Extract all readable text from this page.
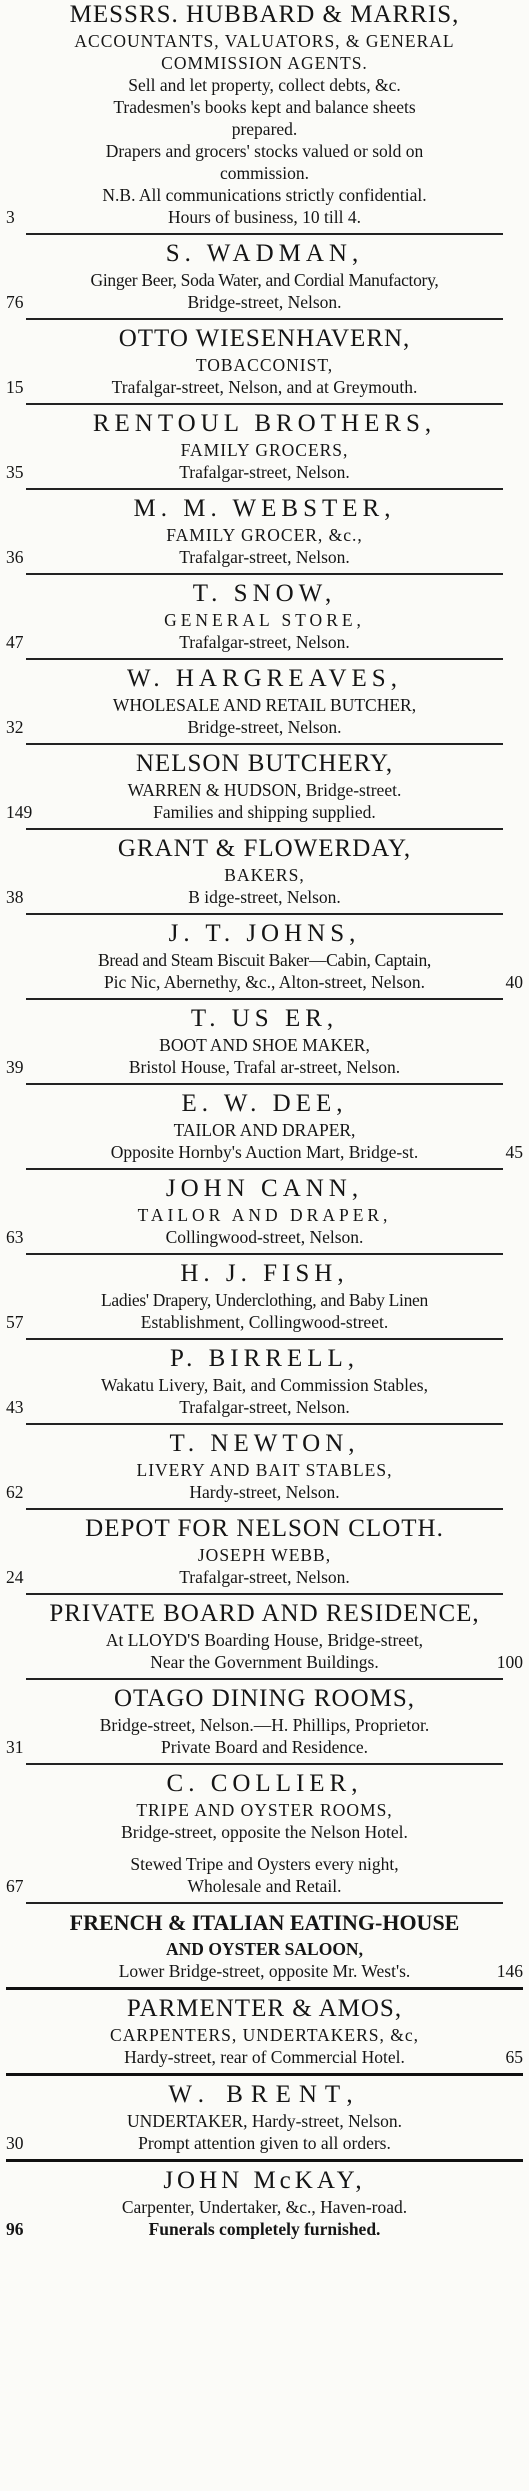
MESSRS. HUBBARD & MARRIS,
ACCOUNTANTS, VALUATORS, & GENERAL
COMMISSION AGENTS.
Sell and let property, collect debts, &c.
Tradesmen's books kept and balance sheets
prepared.
Drapers and grocers' stocks valued or sold on
commission.
N.B. All communications strictly confidential.
3	Hours of business, 10 till 4.
S. WADMAN,
Ginger Beer, Soda Water, and Cordial Manufactory,
76	Bridge-street, Nelson.
OTTO WIESENHAVERN,
TOBACCONIST,
15	Trafalgar-street, Nelson, and at Greymouth.
RENTOUL BROTHERS,
FAMILY GROCERS,
35	Trafalgar-street, Nelson.
M. M. WEBSTER,
FAMILY GROCER, &c.,
36	Trafalgar-street, Nelson.
T. SNOW,
GENERAL STORE,
47	Trafalgar-street, Nelson.
W. HARGREAVES,
WHOLESALE AND RETAIL BUTCHER,
32	Bridge-street, Nelson.
NELSON BUTCHERY,
WARREN & HUDSON, Bridge-street.
149	Families and shipping supplied.
GRANT & FLOWERDAY,
BAKERS,
38	B idge-street, Nelson.
J. T. JOHNS,
Bread and Steam Biscuit Baker—Cabin, Captain,
Pic Nic, Abernethy, &c., Alton-street, Nelson.	40
T. US ER,
BOOT AND SHOE MAKER,
39	Bristol House, Trafal ar-street, Nelson.
E. W. DEE,
TAILOR AND DRAPER,
Opposite Hornby's Auction Mart, Bridge-st.	45
JOHN CANN,
TAILOR AND DRAPER,
63	Collingwood-street, Nelson.
H. J. FISH,
Ladies' Drapery, Underclothing, and Baby Linen
57	Establishment, Collingwood-street.
P. BIRRELL,
Wakatu Livery, Bait, and Commission Stables,
43	Trafalgar-street, Nelson.
T. NEWTON,
LIVERY AND BAIT STABLES,
62	Hardy-street, Nelson.
DEPOT FOR NELSON CLOTH.
JOSEPH WEBB,
24	Trafalgar-street, Nelson.
PRIVATE BOARD AND RESIDENCE,
At LLOYD'S Boarding House, Bridge-street,
Near the Government Buildings.	100
OTAGO DINING ROOMS,
Bridge-street, Nelson.—H. Phillips, Proprietor.
31	Private Board and Residence.
C. COLLIER,
TRIPE AND OYSTER ROOMS,
Bridge-street, opposite the Nelson Hotel.
Stewed Tripe and Oysters every night,
67	Wholesale and Retail.
FRENCH & ITALIAN EATING-HOUSE
AND OYSTER SALOON,
Lower Bridge-street, opposite Mr. West's.	146
PARMENTER & AMOS,
CARPENTERS, UNDERTAKERS, &c,
Hardy-street, rear of Commercial Hotel.	65
W. BRENT,
UNDERTAKER, Hardy-street, Nelson.
30	Prompt attention given to all orders.
JOHN McKAY,
Carpenter, Undertaker, &c., Haven-road.
96	Funerals completely furnished.
